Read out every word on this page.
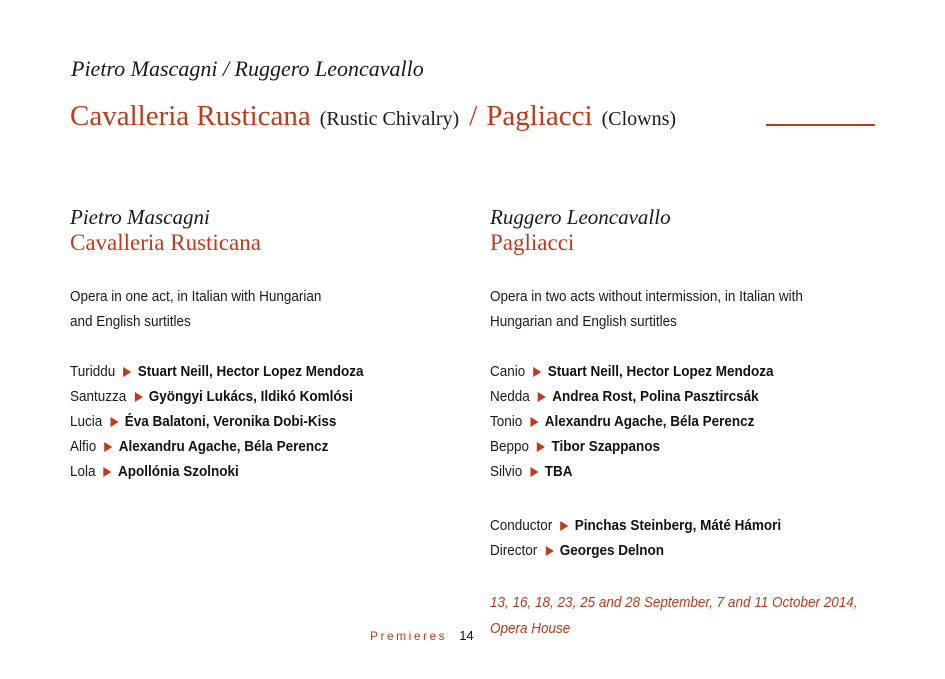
Pietro Mascagni / Ruggero Leoncavallo
Cavalleria Rusticana (Rustic Chivalry) / Pagliacci (Clowns)
Pietro Mascagni
Cavalleria Rusticana
Opera in one act, in Italian with Hungarian
and English surtitles
Turiddu Stuart Neill, Hector Lopez Mendoza
Santuzza Gyöngyi Lukács, Ildikó Komlósi
Lucia Éva Balatoni, Veronika Dobi-Kiss
Alfio Alexandru Agache, Béla Perencz
Lola Apollónia Szolnoki
Ruggero Leoncavallo
Pagliacci
Opera in two acts without intermission, in Italian with
Hungarian and English surtitles
Canio Stuart Neill, Hector Lopez Mendoza
Nedda Andrea Rost, Polina Pasztircsák
Tonio Alexandru Agache, Béla Perencz
Beppo Tibor Szappanos
Silvio TBA
Conductor Pinchas Steinberg, Máté Hámori
Director Georges Delnon
13, 16, 18, 23, 25 and 28 September, 7 and 11 October 2014,
Opera House
Premieres 14
